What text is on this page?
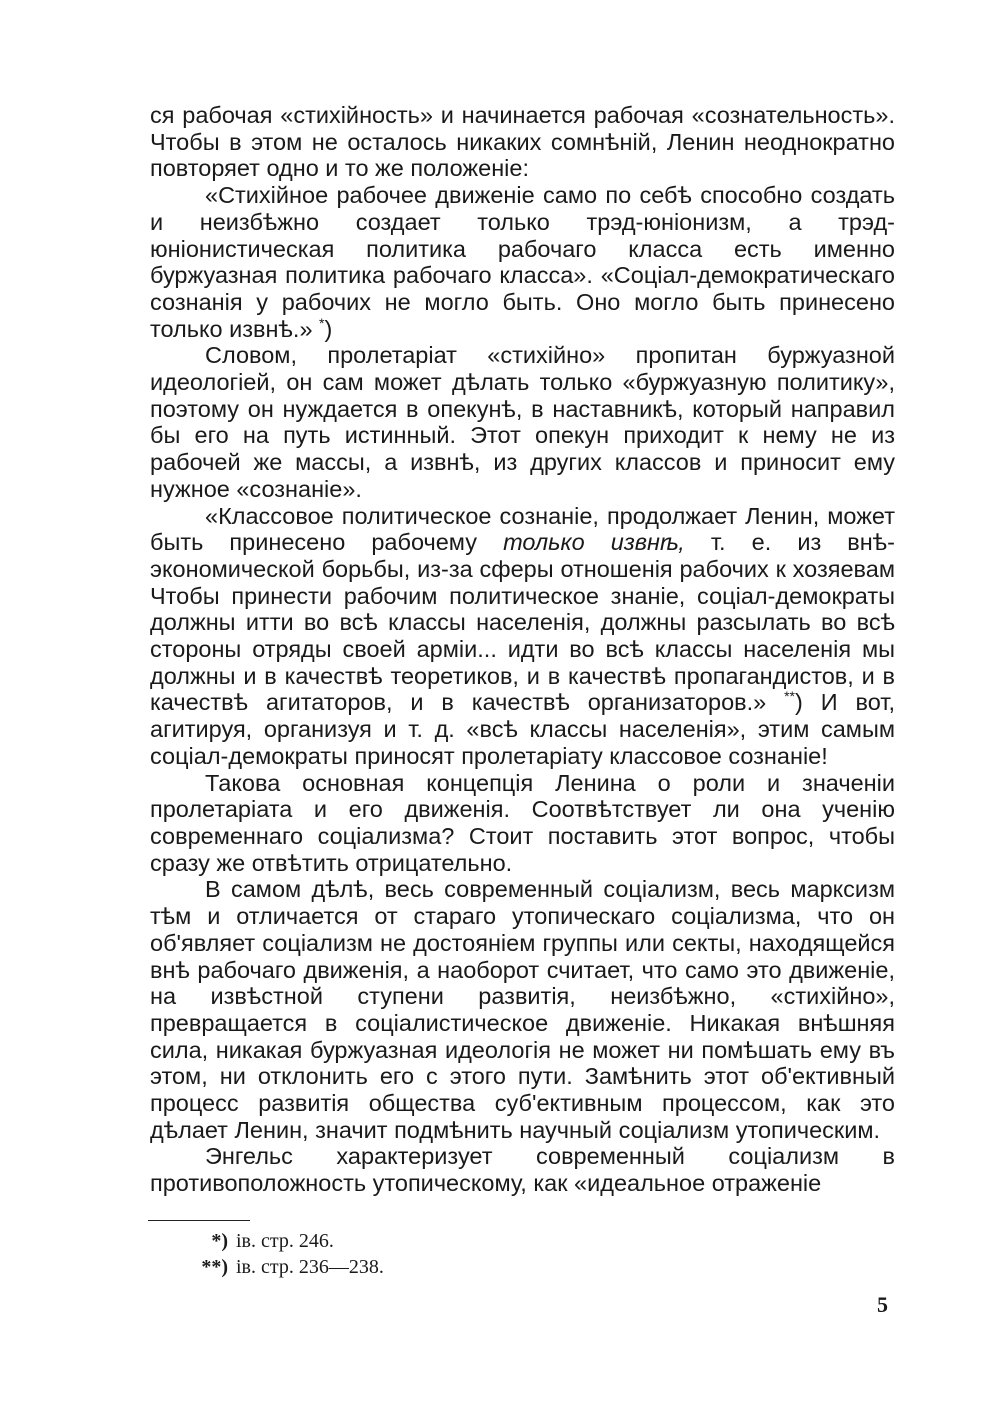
ся рабочая «стихiйность» и начинается рабочая «сознательность». Чтобы в этом не осталось никаких сомнѣнiй, Ленин неоднократно повторяет одно и то же положенiе:

«Стихiйное рабочее движенiе само по себѣ способно создать и неизбѣжно создает только трэд-юнiонизм, а трэд-юнiонистическая политика рабочаго класса есть именно буржуазная политика рабочаго класса». «Соцiал-демократическаго сознанiя у рабочих не могло быть. Оно могло быть принесено только извнѣ.» *)

Словом, пролетарiат «стихiйно» пропитан буржуазной идеологiей, он сам может дѣлать только «буржуазную политику», поэтому он нуждается в опекунѣ, в наставникѣ, который направил бы его на путь истинный. Этот опекун приходит к нему не из рабочей же массы, а извнѣ, из других классов и приносит ему нужное «сознанiе».

«Классовое политическое сознанiе, продолжает Ленин, может быть принесено рабочему только извнѣ, т. е. из внѣ-экономической борьбы, из-за сферы отношенiя рабочих к хозяевам Чтобы принести рабочим политическое знанiе, соцiал-демократы должны итти во всѣ классы населенiя, должны разсылать во всѣ стороны отряды своей армiи... идти во всѣ классы населенiя мы должны и в качествѣ теоретиков, и в качествѣ пропагандистов, и в качествѣ агитаторов, и в качествѣ организаторов.» **) И вот, агитируя, организуя и т. д. «всѣ классы населенiя», этим самым соцiал-демократы приносят пролетарiату классовое сознанiе!

Такова основная концепцiя Ленина о роли и значенiи пролетарiата и его движенiя. Соотвѣтствует ли она ученiю современнаго соцiализма? Стоит поставить этот вопрос, чтобы сразу же отвѣтить отрицательно.

В самом дѣлѣ, весь современный соцiализм, весь марксизм тѣм и отличается от стараго утопическаго соцiализма, что он об'являет соцiализм не достоянiем группы или секты, находящейся внѣ рабочаго движенiя, а наоборот считает, что само это движенiе, на извѣстной ступени развитiя, неизбѣжно, «стихiйно», превращается в соцiалистическое движенiе. Никакая внѣшняя сила, никакая буржуазная идеологiя не может ни помѣшать ему въ этом, ни отклонить его с этого пути. Замѣнить этот об'ективный процесс развитiя общества суб'ективным процессом, как это дѣлает Ленин, значит подмѣнить научный соцiализм утопическим.

Энгельс характеризует современный соцiализм в противоположность утопическому, как «идеальное отраженiе

*) iв. стр. 246.
**) iв. стр. 236—238.
5
